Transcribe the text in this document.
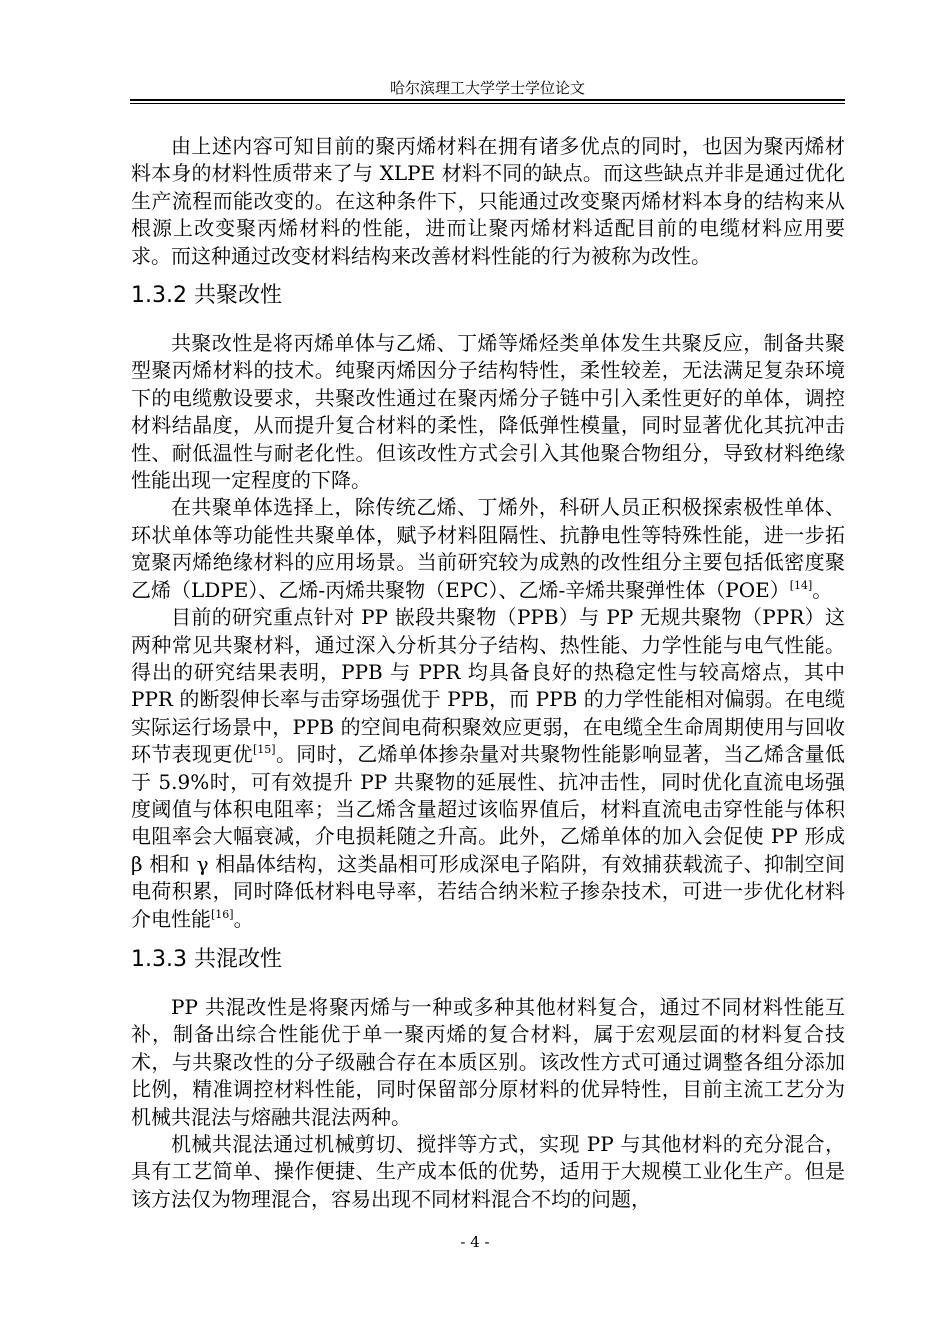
哈尔滨理工大学学士学位论文

由上述内容可知目前的聚丙烯材料在拥有诸多优点的同时，也因为聚丙烯材料本身的材料性质带来了与 XLPE 材料不同的缺点。而这些缺点并非是通过优化生产流程而能改变的。在这种条件下，只能通过改变聚丙烯材料本身的结构来从根源上改变聚丙烯材料的性能，进而让聚丙烯材料适配目前的电缆材料应用要求。而这种通过改变材料结构来改善材料性能的行为被称为改性。

1.3.2 共聚改性

共聚改性是将丙烯单体与乙烯、丁烯等烯烃类单体发生共聚反应，制备共聚型聚丙烯材料的技术。纯聚丙烯因分子结构特性，柔性较差，无法满足复杂环境下的电缆敷设要求，共聚改性通过在聚丙烯分子链中引入柔性更好的单体，调控材料结晶度，从而提升复合材料的柔性，降低弹性模量，同时显著优化其抗冲击性、耐低温性与耐老化性。但该改性方式会引入其他聚合物组分，导致材料绝缘性能出现一定程度的下降。

在共聚单体选择上，除传统乙烯、丁烯外，科研人员正积极探索极性单体、环状单体等功能性共聚单体，赋予材料阻隔性、抗静电性等特殊性能，进一步拓宽聚丙烯绝缘材料的应用场景。当前研究较为成熟的改性组分主要包括低密度聚乙烯（LDPE）、乙烯-丙烯共聚物（EPC）、乙烯-辛烯共聚弹性体（POE）[14]。

目前的研究重点针对 PP 嵌段共聚物（PPB）与 PP 无规共聚物（PPR）这两种常见共聚材料，通过深入分析其分子结构、热性能、力学性能与电气性能。得出的研究结果表明，PPB 与 PPR 均具备良好的热稳定性与较高熔点，其中 PPR 的断裂伸长率与击穿场强优于 PPB，而 PPB 的力学性能相对偏弱。在电缆实际运行场景中，PPB 的空间电荷积聚效应更弱，在电缆全生命周期使用与回收环节表现更优[15]。同时，乙烯单体掺杂量对共聚物性能影响显著，当乙烯含量低于 5.9%时，可有效提升 PP 共聚物的延展性、抗冲击性，同时优化直流电场强度阈值与体积电阻率；当乙烯含量超过该临界值后，材料直流电击穿性能与体积电阻率会大幅衰减，介电损耗随之升高。此外，乙烯单体的加入会促使 PP 形成 β 相和 γ 相晶体结构，这类晶相可形成深电子陷阱，有效捕获载流子、抑制空间电荷积累，同时降低材料电导率，若结合纳米粒子掺杂技术，可进一步优化材料介电性能[16]。

1.3.3 共混改性

PP 共混改性是将聚丙烯与一种或多种其他材料复合，通过不同材料性能互补，制备出综合性能优于单一聚丙烯的复合材料，属于宏观层面的材料复合技术，与共聚改性的分子级融合存在本质区别。该改性方式可通过调整各组分添加比例，精准调控材料性能，同时保留部分原材料的优异特性，目前主流工艺分为机械共混法与熔融共混法两种。

机械共混法通过机械剪切、搅拌等方式，实现 PP 与其他材料的充分混合，具有工艺简单、操作便捷、生产成本低的优势，适用于大规模工业化生产。但是该方法仅为物理混合，容易出现不同材料混合不均的问题，

- 4 -
